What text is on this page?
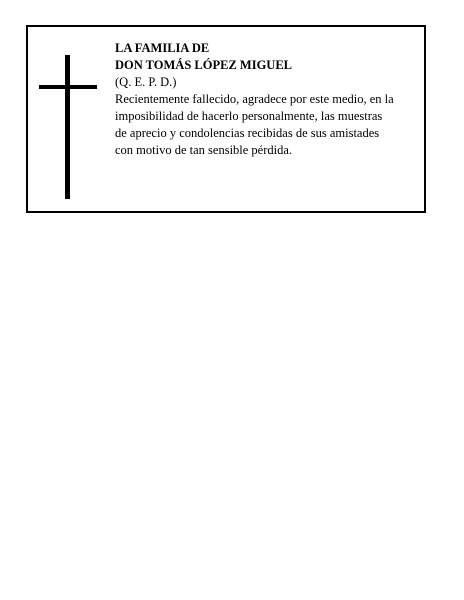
LA FAMILIA DE
DON TOMÁS LÓPEZ MIGUEL
(Q. E. P. D.)
Recientemente fallecido, agradece por este medio, en la
imposibilidad de hacerlo personalmente, las muestras
de aprecio y condolencias recibidas de sus amistades
con motivo de tan sensible pérdida.
